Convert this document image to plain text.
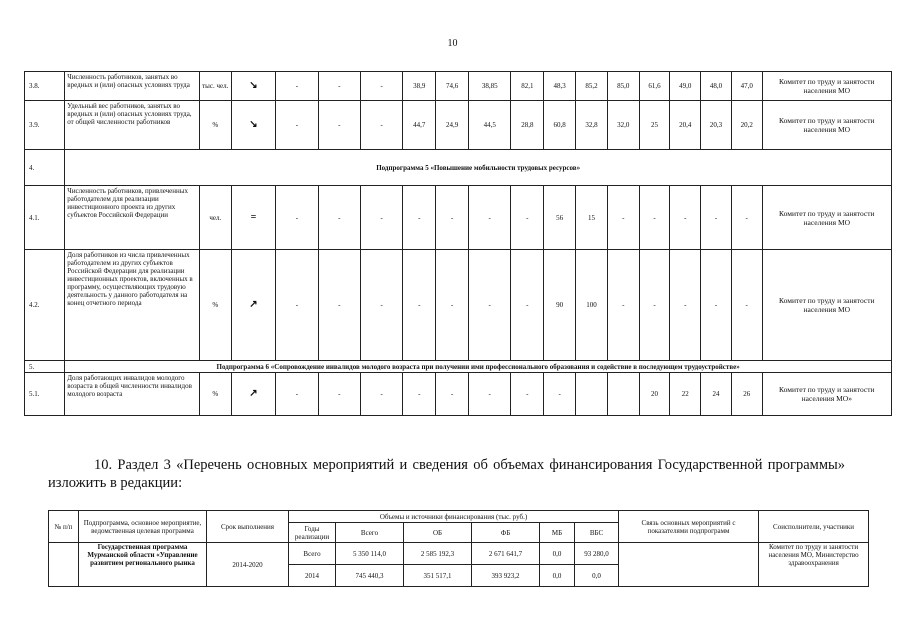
10
3.8.	Численность работников, занятых во вредных и (или) опасных условиях труда	тыс. чел.	↘	-	-	-	38,9	74,6	38,85	82,1	48,3	85,2	85,0	61,6	49,0	48,0	47,0	Комитет по труду и занятости населения МО
3.9.	Удельный вес работников, занятых во вредных и (или) опасных условиях труда, от общей численности работников	%	↘	-	-	-	44,7	24,9	44,5	28,8	60,8	32,8	32,0	25	20,4	20,3	20,2	Комитет по труду и занятости населения МО
4.	Подпрограмма 5 «Повышение мобильности трудовых ресурсов»																	
4.1.	Численность работников, привлеченных работодателем для реализации инвестиционного проекта из других субъектов Российской Федерации	чел.	=	-	-	-	-	-	-	-	56	15	-	-	-	-	-	Комитет по труду и занятости населения МО
4.2.	Доля работников из числа привлеченных работодателем из других субъектов Российской Федерации для реализации инвестиционных проектов, включенных в программу, осуществляющих трудовую деятельность у данного работодателя на конец отчетного периода	%	↗	-	-	-	-	-	-	-	90	100	-	-	-	-	-	Комитет по труду и занятости населения МО
5.	Подпрограмма 6 «Сопровождение инвалидов молодого возраста при получении ими профессионального образования и содействие в последующем трудоустройстве»																	
5.1.	Доля работающих инвалидов молодого возраста в общей численности инвалидов молодого возраста	%	↗	-	-	-	-	-	-	-	-			20	22	24	26	Комитет по труду и занятости населения МО»
10. Раздел 3 «Перечень основных мероприятий и сведения об объемах финансирования Государственной программы» изложить в редакции:
№ п/п	Подпрограмма, основное мероприятие, ведомственная целевая программа	Срок выполнения	Объемы и источники финансирования (тыс. руб.)						Связь основных мероприятий с показателями подпрограмм	Соисполнители, участники
			Годы реализации	Всего	ОБ	ФБ	МБ	ВБС		
	Государственная программа Мурманской области «Управление развитием регионального рынка	2014-2020	Всего	5 350 114,0	2 585 192,3	2 671 641,7	0,0	93 280,0		Комитет по труду и занятости населения МО, Министерство здравоохранения
			2014	745 440,3	351 517,1	393 923,2	0,0	0,0		
